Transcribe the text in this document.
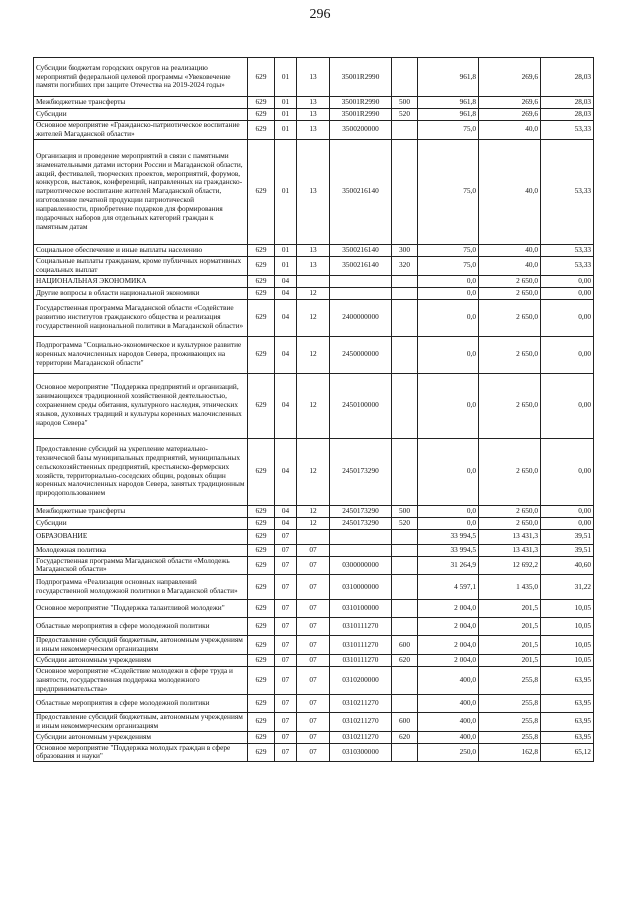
296
Субсидии бюджетам городских округов на реализацию мероприятий федеральной целевой программы «Увековечение памяти погибших при защите Отечества на 2019-2024 годы»	629	01	13	35001R2990		961,8	269,6	28,03
Межбюджетные трансферты	629	01	13	35001R2990	500	961,8	269,6	28,03
Субсидии	629	01	13	35001R2990	520	961,8	269,6	28,03
Основное мероприятие «Гражданско-патриотическое воспитание жителей Магаданской области»	629	01	13	3500200000		75,0	40,0	53,33
Организация и проведение мероприятий в связи с памятными знаменательными датами истории России и Магаданской области, акций, фестивалей, творческих проектов, мероприятий, форумов, конкурсов, выставок, конференций, направленных на гражданско-патриотическое воспитание жителей Магаданской области, изготовление печатной продукции патриотической направленности, приобретение подарков для формирования подарочных наборов для отдельных категорий граждан к памятным датам	629	01	13	3500216140		75,0	40,0	53,33
Социальное обеспечение и иные выплаты населению	629	01	13	3500216140	300	75,0	40,0	53,33
Социальные выплаты гражданам, кроме публичных нормативных социальных выплат	629	01	13	3500216140	320	75,0	40,0	53,33
НАЦИОНАЛЬНАЯ ЭКОНОМИКА	629	04				0,0	2 650,0	0,00
Другие вопросы в области национальной экономики	629	04	12			0,0	2 650,0	0,00
Государственная программа Магаданской области «Содействие развитию институтов гражданского общества и реализация государственной национальной политики в Магаданской области»	629	04	12	2400000000		0,0	2 650,0	0,00
Подпрограмма "Социально-экономическое и культурное развитие коренных малочисленных народов Севера, проживающих на территории Магаданской области"	629	04	12	2450000000		0,0	2 650,0	0,00
Основное мероприятие "Поддержка предприятий и организаций, занимающихся традиционной хозяйственной деятельностью, сохранением среды обитания, культурного наследия, этнических языков, духовных традиций и культуры коренных малочисленных народов Севера"	629	04	12	2450100000		0,0	2 650,0	0,00
Предоставление субсидий на укрепление материально-технической базы муниципальных предприятий, муниципальных сельскохозяйственных предприятий, крестьянско-фермерских хозяйств, территориально-соседских общин, родовых общин коренных малочисленных народов Севера, занятых традиционным природопользованием	629	04	12	2450173290		0,0	2 650,0	0,00
Межбюджетные трансферты	629	04	12	2450173290	500	0,0	2 650,0	0,00
Субсидии	629	04	12	2450173290	520	0,0	2 650,0	0,00
ОБРАЗОВАНИЕ	629	07				33 994,5	13 431,3	39,51
Молодежная политика	629	07	07			33 994,5	13 431,3	39,51
Государственная программа Магаданской области «Молодежь Магаданской области»	629	07	07	0300000000		31 264,9	12 692,2	40,60
Подпрограмма «Реализация основных направлений государственной молодежной политики в Магаданской области»	629	07	07	0310000000		4 597,1	1 435,0	31,22
Основное мероприятие "Поддержка талантливой молодежи"	629	07	07	0310100000		2 004,0	201,5	10,05
Областные мероприятия в сфере молодежной политики	629	07	07	0310111270		2 004,0	201,5	10,05
Предоставление субсидий бюджетным, автономным учреждениям и иным некоммерческим организациям	629	07	07	0310111270	600	2 004,0	201,5	10,05
Субсидии автономным учреждениям	629	07	07	0310111270	620	2 004,0	201,5	10,05
Основное мероприятие «Содействие молодежи в сфере труда и занятости, государственная поддержка молодежного предпринимательства»	629	07	07	0310200000		400,0	255,8	63,95
Областные мероприятия в сфере молодежной политики	629	07	07	0310211270		400,0	255,8	63,95
Предоставление субсидий бюджетным, автономным учреждениям и иным некоммерческим организациям	629	07	07	0310211270	600	400,0	255,8	63,95
Субсидии автономным учреждениям	629	07	07	0310211270	620	400,0	255,8	63,95
Основное мероприятие "Поддержка молодых граждан в сфере образования и науки"	629	07	07	0310300000		250,0	162,8	65,12
